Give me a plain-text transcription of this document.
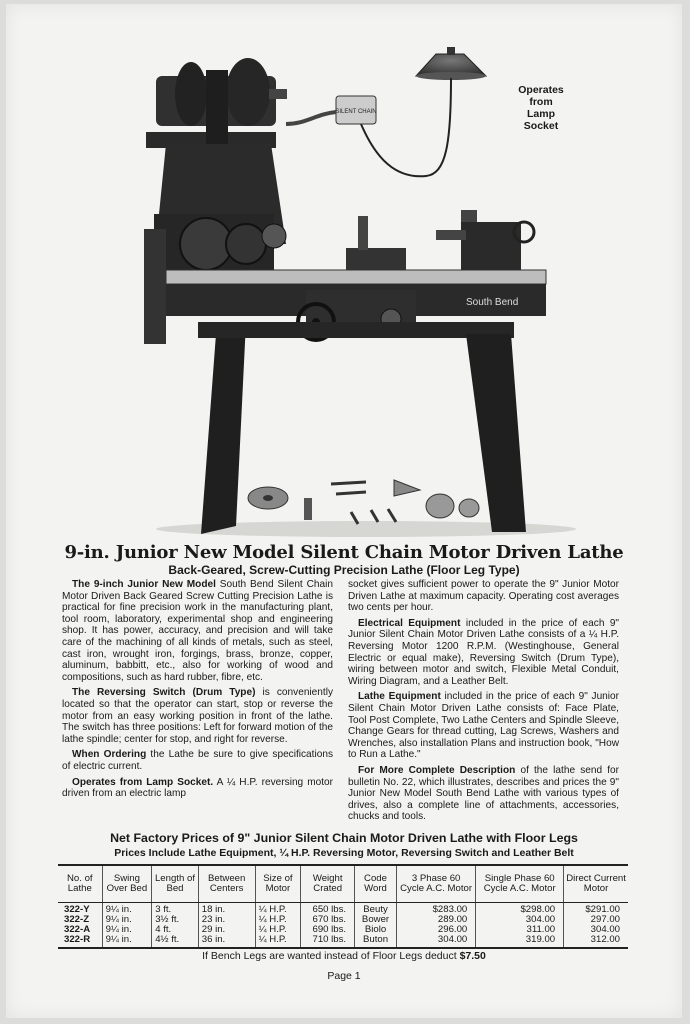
SILENT CHAIN
South Bend
Operates
from
Lamp
Socket
9-in. Junior New Model Silent Chain Motor Driven Lathe
Back-Geared, Screw-Cutting Precision Lathe (Floor Leg Type)

The 9-inch Junior New Model South Bend Silent Chain Motor Driven Back Geared Screw Cutting Precision Lathe is practical for fine precision work in the manufacturing plant, tool room, laboratory, experimental shop and engineering shop. It has power, accuracy, and precision and will take care of the machining of all kinds of metals, such as steel, cast iron, wrought iron, forgings, brass, bronze, copper, aluminum, babbitt, etc., also for working of wood and compositions, such as hard rubber, fibre, etc.

The Reversing Switch (Drum Type) is conveniently located so that the operator can start, stop or reverse the motor from an easy working position in front of the lathe. The switch has three positions: Left for forward motion of the lathe spindle; center for stop, and right for reverse.

When Ordering the Lathe be sure to give specifications of electric current.

Operates from Lamp Socket. A ¼ H.P. reversing motor driven from an electric lamp

socket gives sufficient power to operate the 9" Junior Motor Driven Lathe at maximum capacity. Operating cost averages two cents per hour.

Electrical Equipment included in the price of each 9" Junior Silent Chain Motor Driven Lathe consists of a ¼ H.P. Reversing Motor 1200 R.P.M. (Westinghouse, General Electric or equal make), Reversing Switch (Drum Type), wiring between motor and switch, Flexible Metal Conduit, Wiring Diagram, and a Leather Belt.

Lathe Equipment included in the price of each 9" Junior Silent Chain Motor Driven Lathe consists of: Face Plate, Tool Post Complete, Two Lathe Centers and Spindle Sleeve, Change Gears for thread cutting, Lag Screws, Washers and Wrenches, also installation Plans and instruction book, "How to Run a Lathe."

For More Complete Description of the lathe send for bulletin No. 22, which illustrates, describes and prices the 9" Junior New Model South Bend Lathe with various types of drives, also a complete line of attachments, accessories, chucks and tools.

Net Factory Prices of 9" Junior Silent Chain Motor Driven Lathe with Floor Legs
Prices Include Lathe Equipment, ¼ H.P. Reversing Motor, Reversing Switch and Leather Belt
No. of Lathe	Swing Over Bed	Length of Bed	Between Centers	Size of Motor	Weight Crated	Code Word	3 Phase 60 Cycle A.C. Motor	Single Phase 60 Cycle A.C. Motor	Direct Current Motor
322-Y	9¼ in.	3 ft.	18 in.	¼ H.P.	650 lbs.	Beuty	$283.00	$298.00	$291.00
322-Z	9¼ in.	3½ ft.	23 in.	¼ H.P.	670 lbs.	Bower	289.00	304.00	297.00
322-A	9¼ in.	4 ft.	29 in.	¼ H.P.	690 lbs.	Biolo	296.00	311.00	304.00
322-R	9¼ in.	4½ ft.	36 in.	¼ H.P.	710 lbs.	Buton	304.00	319.00	312.00
If Bench Legs are wanted instead of Floor Legs deduct $7.50
Page 1
